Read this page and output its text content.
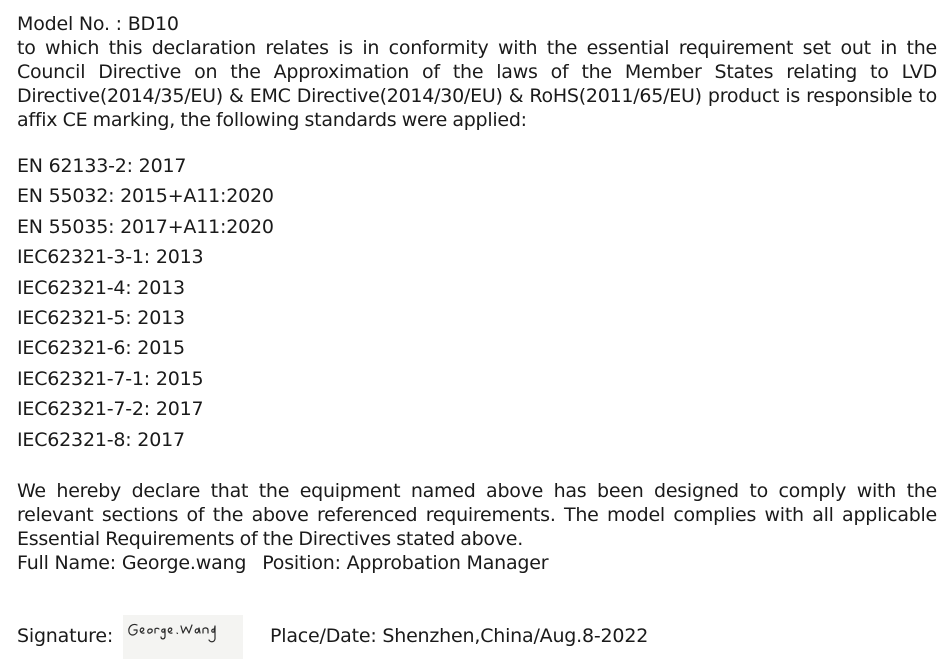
Model No. : BD10

to which this declaration relates is in conformity with the essential requirement set out in the Council Directive on the Approximation of the laws of the Member States relating to LVD Directive(2014/35/EU) & EMC Directive(2014/30/EU) & RoHS(2011/65/EU) product is responsible to affix CE marking, the following standards were applied:

EN 62133-2: 2017
EN 55032: 2015+A11:2020
EN 55035: 2017+A11:2020
IEC62321-3-1: 2013
IEC62321-4: 2013
IEC62321-5: 2013
IEC62321-6: 2015
IEC62321-7-1: 2015
IEC62321-7-2: 2017
IEC62321-8: 2017

We hereby declare that the equipment named above has been designed to comply with the relevant sections of the above referenced requirements. The model complies with all applicable Essential Requirements of the Directives stated above.

Full Name: George.wang Position: Approbation Manager

Signature:	Place/Date: Shenzhen,China/Aug.8-2022
